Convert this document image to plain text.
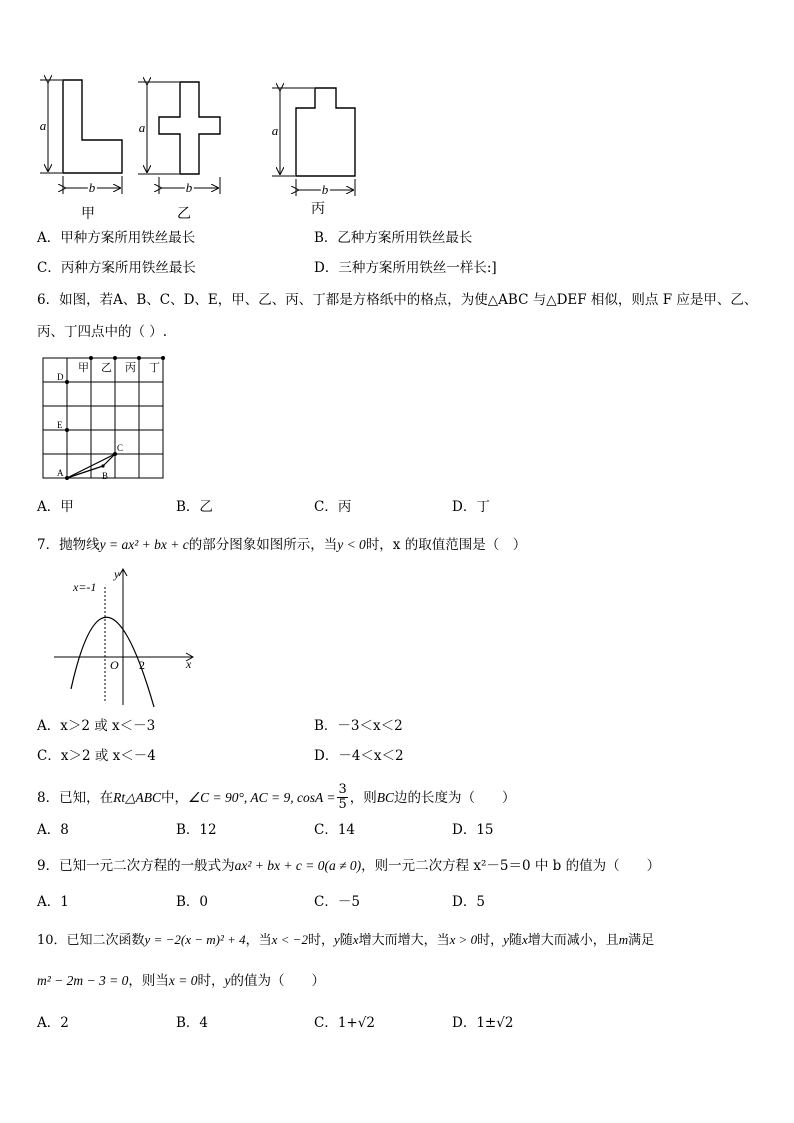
a	a	a
b	b	b
甲	乙	丙
A．甲种方案所用铁丝最长	B．乙种方案所用铁丝最长
C．丙种方案所用铁丝最长	D．三种方案所用铁丝一样长:]
6．如图，若A、B、C、D、E，甲、乙、丙、丁都是方格纸中的格点，为使△ABC 与△DEF 相似，则点 F 应是甲、乙、
丙、丁四点中的（ ）.
甲 乙 丙 丁
D
E
A	B
C
A．甲	B．乙	C．丙	D．丁
7．抛物线y = ax² + bx + c的部分图象如图所示，当y < 0时，x 的取值范围是（　）
x=-1
y
x
O 2
A．x＞2 或 x＜－3	B．－3＜x＜2
C．x＞2 或 x＜－4	D．－4＜x＜2
8．已知，在Rt△ABC中，∠C = 90°, AC = 9, $\cos A = \frac{3}{5}$ ，则BC边的长度为（　　）
A．8	B．12	C．14	D．15
9．已知一元二次方程的一般式为ax² + bx + c = 0(a ≠ 0)，则一元二次方程 x²－5＝0 中 b 的值为（　　）
A．1	B．0	C．－5	D．5
10．已知二次函数y = −2(x − m)² + 4，当x < −2时，y随x增大而增大，当x > 0时，y随x增大而减小，且m满足
m² − 2m − 3 = 0，则当x = 0时，y的值为（　　）
A．2	B．4	C．1+√2	D．1±√2
